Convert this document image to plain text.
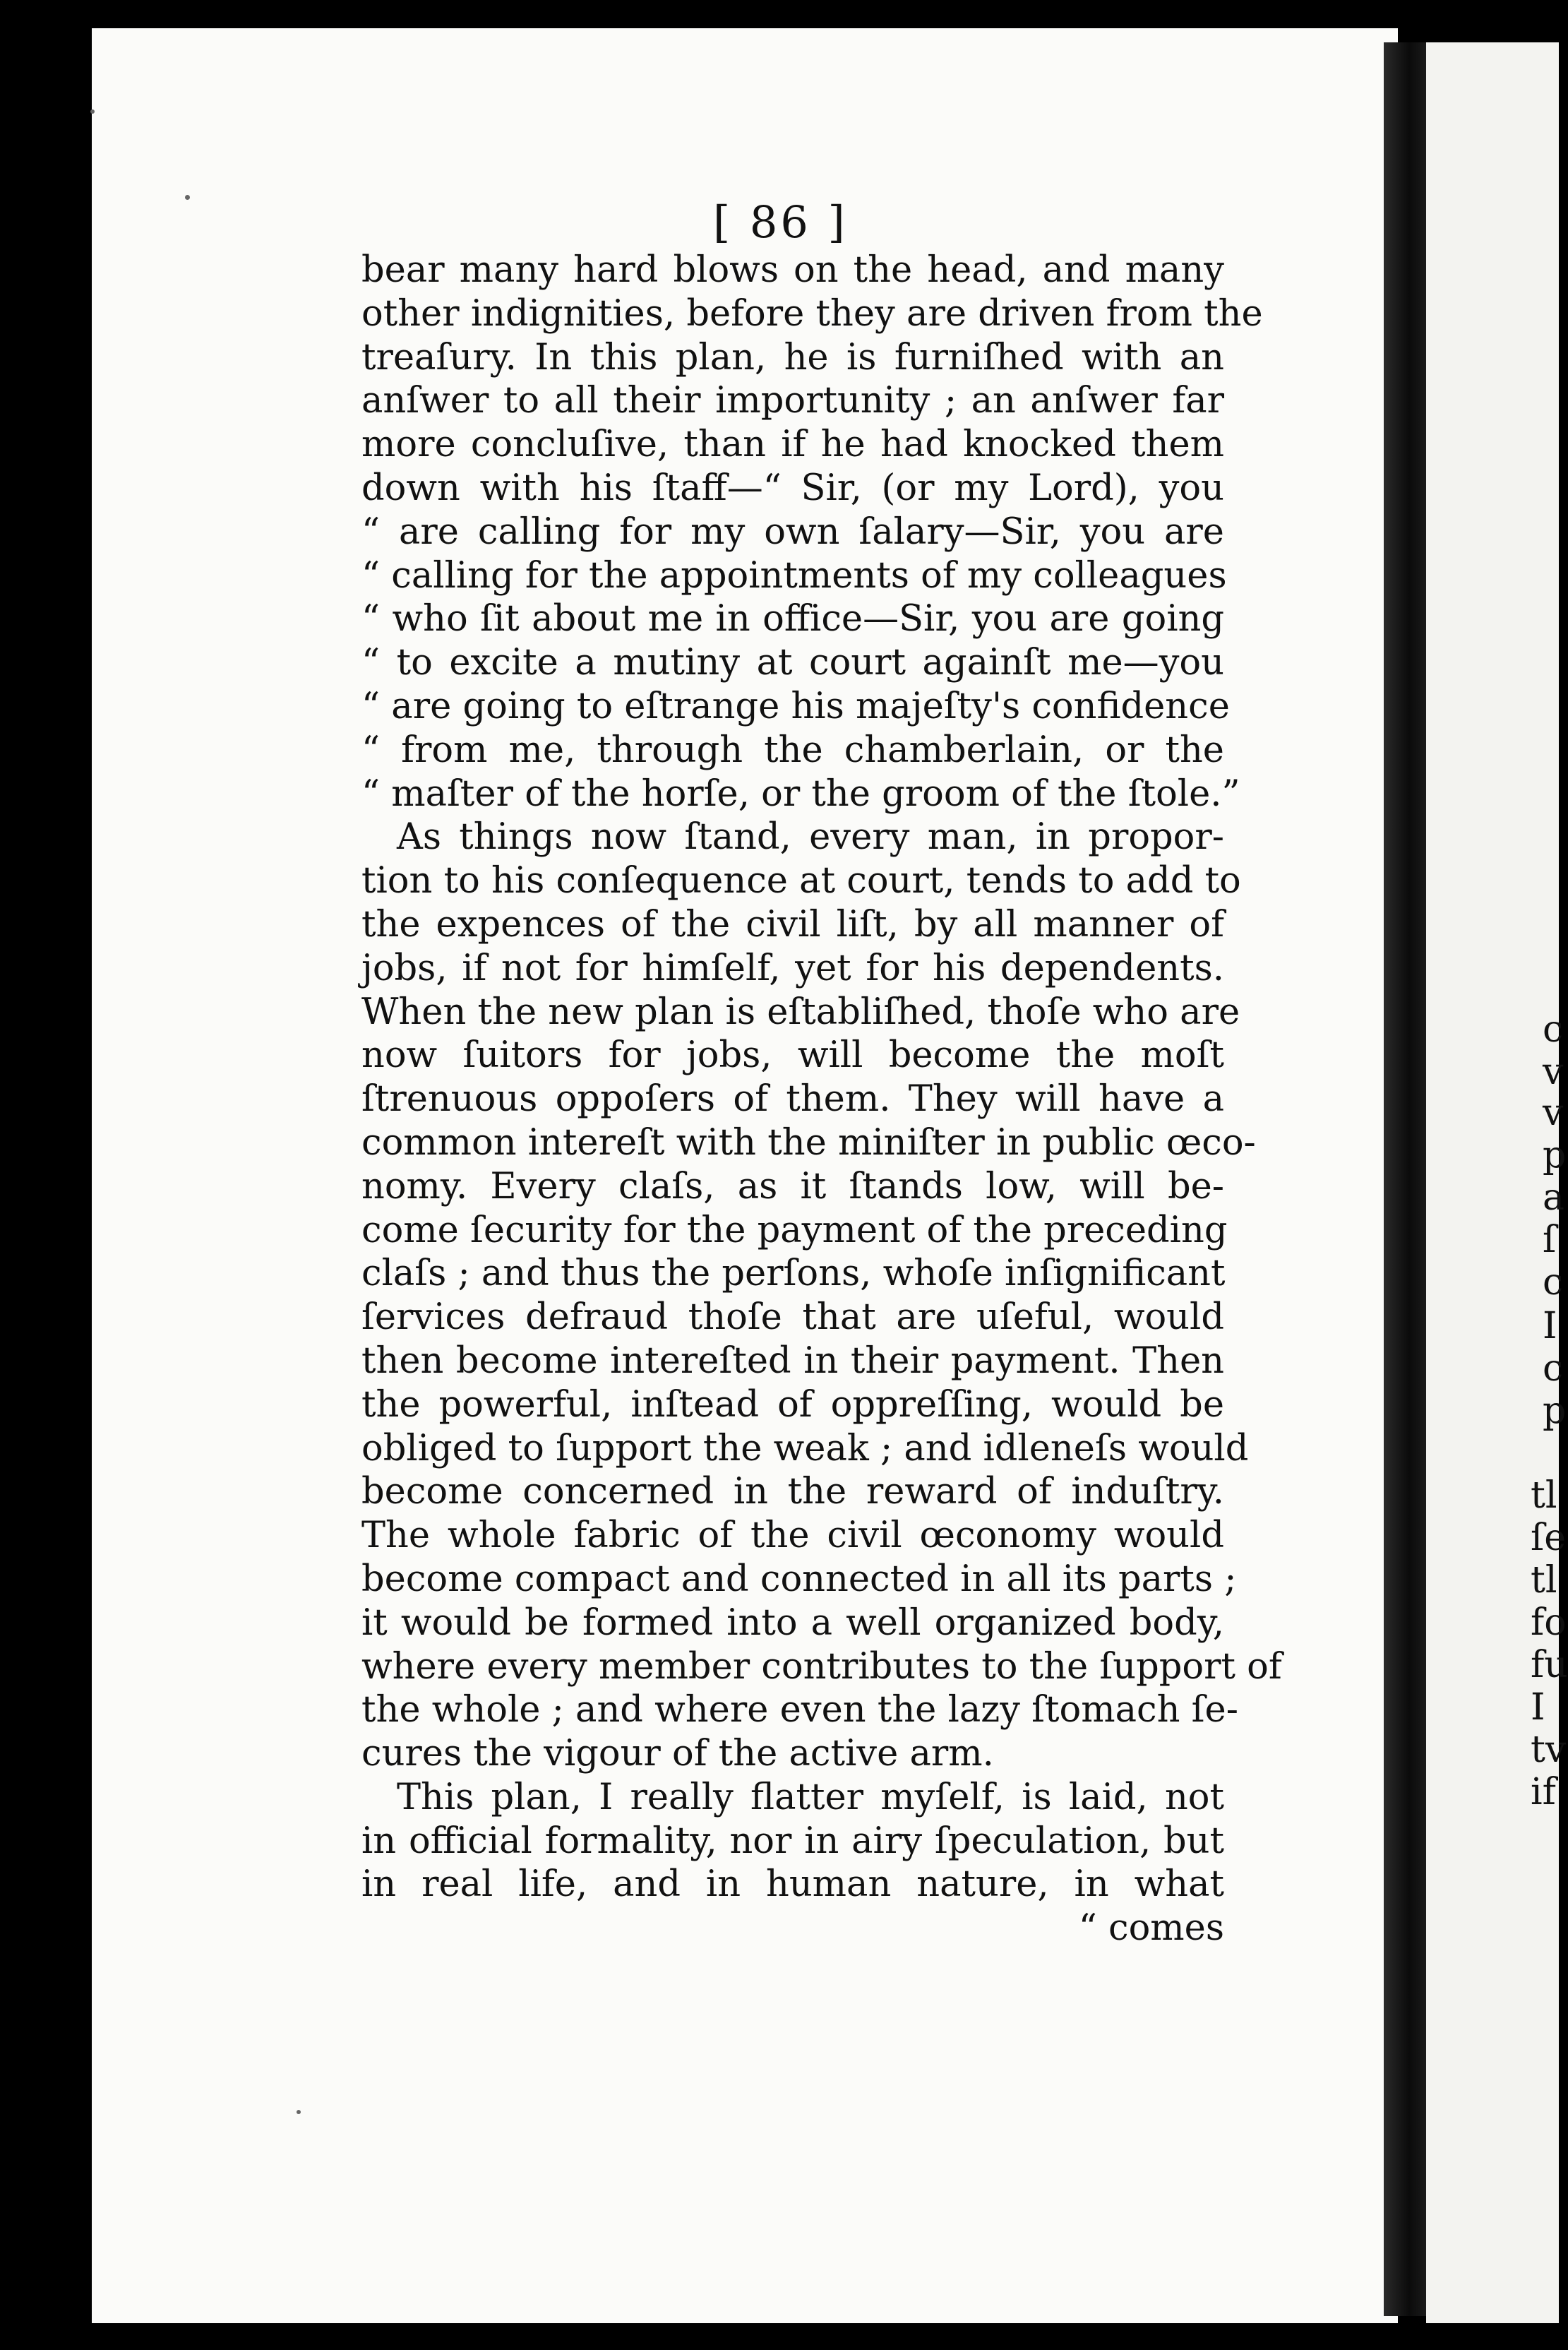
c
v
v
p
a
ſ
c
I
c
p
tl
ſe
tl
fo
fu
I
tv
if
[ 86 ]
bear many hard blows on the head, and many
other indignities, before they are driven from the
treaſury. In this plan, he is furniſhed with an
anſwer to all their importunity ; an anſwer far
more concluſive, than if he had knocked them
down with his ſtaff—“ Sir, (or my Lord), you
“ are calling for my own ſalary—Sir, you are
“ calling for the appointments of my colleagues
“ who ſit about me in office—Sir, you are going
“ to excite a mutiny at court againſt me—you
“ are going to eſtrange his majeſty's confidence
“ from me, through the chamberlain, or the
“ maſter of the horſe, or the groom of the ſtole.”
As things now ſtand, every man, in propor-
tion to his conſequence at court, tends to add to
the expences of the civil liſt, by all manner of
jobs, if not for himſelf, yet for his dependents.
When the new plan is eſtabliſhed, thoſe who are
now ſuitors for jobs, will become the moſt
ſtrenuous oppoſers of them. They will have a
common intereſt with the miniſter in public œco-
nomy. Every claſs, as it ſtands low, will be-
come ſecurity for the payment of the preceding
claſs ; and thus the perſons, whoſe inſignificant
ſervices defraud thoſe that are uſeful, would
then become intereſted in their payment. Then
the powerful, inſtead of oppreſſing, would be
obliged to ſupport the weak ; and idleneſs would
become concerned in the reward of induſtry.
The whole fabric of the civil œconomy would
become compact and connected in all its parts ;
it would be formed into a well organized body,
where every member contributes to the ſupport of
the whole ; and where even the lazy ſtomach ſe-
cures the vigour of the active arm.
This plan, I really flatter myſelf, is laid, not
in official formality, nor in airy ſpeculation, but
in real life, and in human nature, in what
“ comes
